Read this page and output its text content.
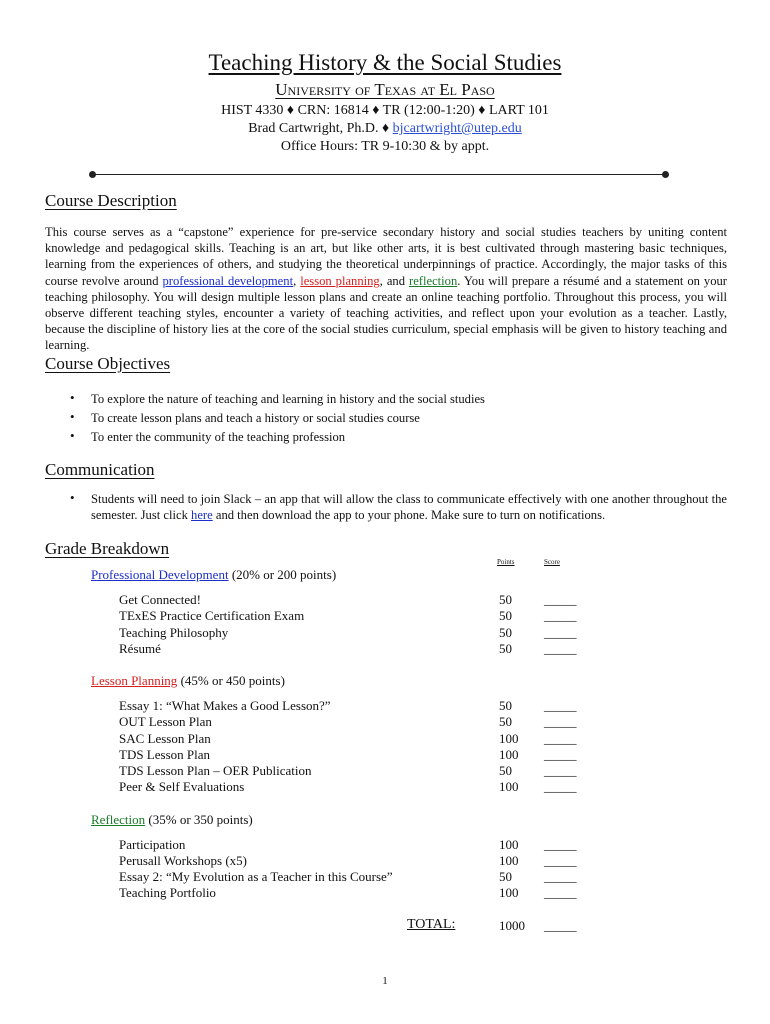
Teaching History & the Social Studies
University of Texas at El Paso
HIST 4330 ♦ CRN: 16814 ♦ TR (12:00-1:20) ♦ LART 101
Brad Cartwright, Ph.D. ♦ bjcartwright@utep.edu
Office Hours: TR 9-10:30 & by appt.
Course Description
This course serves as a “capstone” experience for pre-service secondary history and social studies teachers by uniting content knowledge and pedagogical skills. Teaching is an art, but like other arts, it is best cultivated through mastering basic techniques, learning from the experiences of others, and studying the theoretical underpinnings of practice. Accordingly, the major tasks of this course revolve around professional development, lesson planning, and reflection. You will prepare a résumé and a statement on your teaching philosophy. You will design multiple lesson plans and create an online teaching portfolio. Throughout this process, you will observe different teaching styles, encounter a variety of teaching activities, and reflect upon your evolution as a teacher. Lastly, because the discipline of history lies at the core of the social studies curriculum, special emphasis will be given to history teaching and learning.
Course Objectives
• To explore the nature of teaching and learning in history and the social studies
• To create lesson plans and teach a history or social studies course
• To enter the community of the teaching profession
Communication
• Students will need to join Slack – an app that will allow the class to communicate effectively with one another throughout the semester. Just click here and then download the app to your phone. Make sure to turn on notifications.
Grade Breakdown
Points	Score
Professional Development (20% or 200 points)
Get Connected!	50 _____
TExES Practice Certification Exam	50 _____
Teaching Philosophy	50 _____
Résumé	50 _____
Lesson Planning (45% or 450 points)
Essay 1: “What Makes a Good Lesson?”	50 _____
OUT Lesson Plan	50 _____
SAC Lesson Plan	100 _____
TDS Lesson Plan	100 _____
TDS Lesson Plan – OER Publication	50 _____
Peer & Self Evaluations	100 _____
Reflection (35% or 350 points)
Participation	100 _____
Perusall Workshops (x5)	100 _____
Essay 2: “My Evolution as a Teacher in this Course”	50 _____
Teaching Portfolio	100 _____
TOTAL:	1000 _____
1
